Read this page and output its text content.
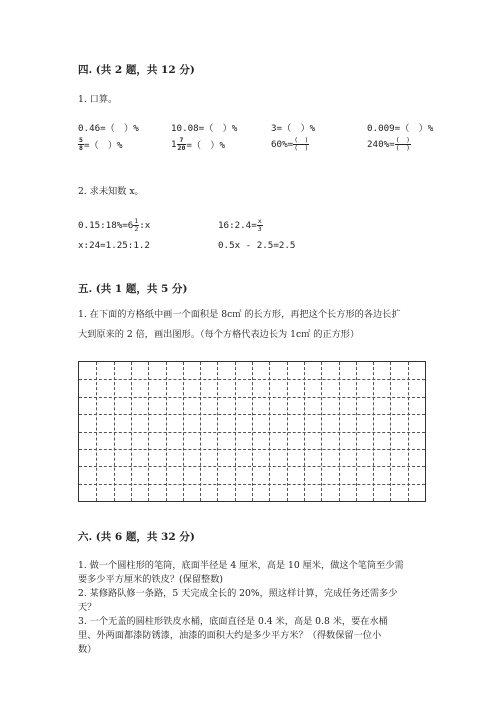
四. (共 2 题，共 12 分)
1. 口算。
0.46=（　）%	10.08=（　）%	3=（　）%	0.009=（　）%
$\frac{5}{8}$ =（　）%	$1 \frac{7}{20}$ =（　）%	$60\%= \frac{( )}{( )}$	$240\%= \frac{( )}{( )}$
2. 求未知数 x。
0.15:18%=6 $\frac{1}{2}$ :x	16:2.4= $\frac{x}{3}$
x:24=1.25:1.2	0.5x - 2.5=2.5
五. (共 1 题，共 5 分)
1. 在下面的方格纸中画一个面积是 8c㎡ 的长方形，再把这个长方形的各边长扩
大到原来的 2 倍，画出图形。（每个方格代表边长为 1c㎡ 的正方形）
六. (共 6 题，共 32 分)
1. 做一个圆柱形的笔筒，底面半径是 4 厘米，高是 10 厘米，做这个笔筒至少需
要多少平方厘米的铁皮？(保留整数)
2. 某修路队修一条路，5 天完成全长的 20%，照这样计算，完成任务还需多少
天？
3. 一个无盖的圆柱形铁皮水桶，底面直径是 0.4 米，高是 0.8 米，要在水桶
里、外两面都漆防锈漆，油漆的面积大约是多少平方米？（得数保留一位小
数）
